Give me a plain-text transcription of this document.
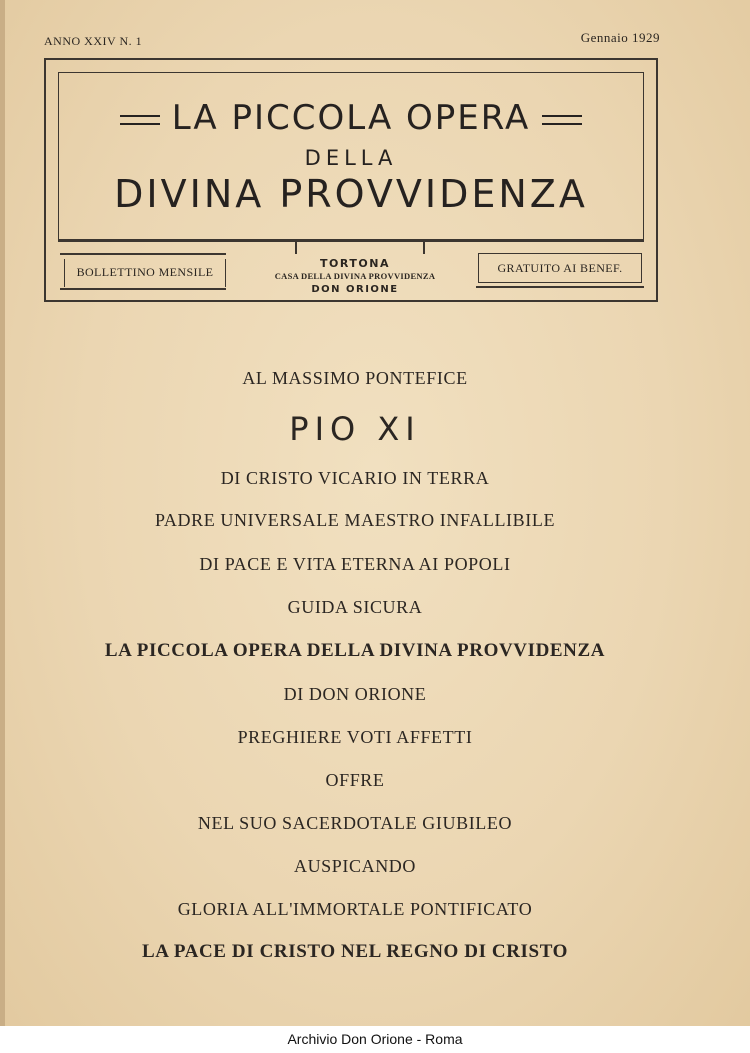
ANNO XXIV N. 1	Gennaio 1929
LA PICCOLA OPERA
DELLA
DIVINA PROVVIDENZA
BOLLETTINO MENSILE	GRATUITO AI BENEF.
TORTONA
CASA DELLA DIVINA PROVVIDENZA
DON ORIONE
AL MASSIMO PONTEFICE
PIO XI
DI CRISTO VICARIO IN TERRA
PADRE UNIVERSALE MAESTRO INFALLIBILE
DI PACE E VITA ETERNA AI POPOLI
GUIDA SICURA
LA PICCOLA OPERA DELLA DIVINA PROVVIDENZA
DI DON ORIONE
PREGHIERE VOTI AFFETTI
OFFRE
NEL SUO SACERDOTALE GIUBILEO
AUSPICANDO
GLORIA ALL'IMMORTALE PONTIFICATO
LA PACE DI CRISTO NEL REGNO DI CRISTO
Archivio Don Orione - Roma
